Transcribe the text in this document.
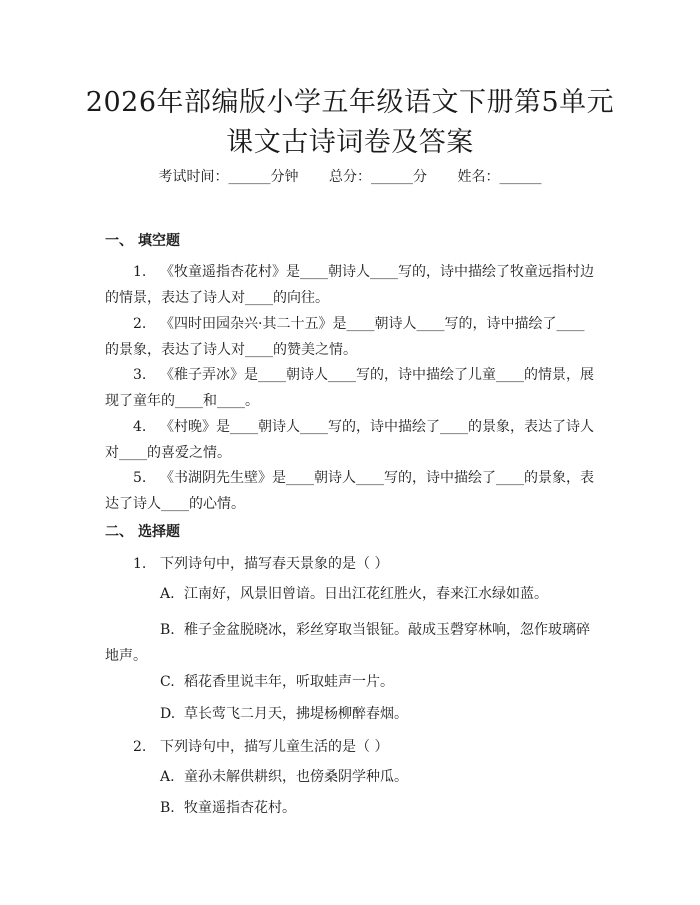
2026年部编版小学五年级语文下册第5单元
课文古诗词卷及答案
考试时间：______分钟 总分：______分 姓名：______
一、 填空题
1. 《牧童遥指杏花村》是____朝诗人____写的，诗中描绘了牧童远指村边的情景，表达了诗人对____的向往。
2. 《四时田园杂兴·其二十五》是____朝诗人____写的，诗中描绘了____的景象，表达了诗人对____的赞美之情。
3. 《稚子弄冰》是____朝诗人____写的，诗中描绘了儿童____的情景，展现了童年的____和____。
4. 《村晚》是____朝诗人____写的，诗中描绘了____的景象，表达了诗人对____的喜爱之情。
5. 《书湖阴先生壁》是____朝诗人____写的，诗中描绘了____的景象，表达了诗人____的心情。
二、 选择题
1. 下列诗句中，描写春天景象的是（ ）
A. 江南好，风景旧曾谙。日出江花红胜火，春来江水绿如蓝。
B. 稚子金盆脱晓冰，彩丝穿取当银钲。敲成玉磬穿林响，忽作玻璃碎地声。
C. 稻花香里说丰年，听取蛙声一片。
D. 草长莺飞二月天，拂堤杨柳醉春烟。
2. 下列诗句中，描写儿童生活的是（ ）
A. 童孙未解供耕织，也傍桑阴学种瓜。
B. 牧童遥指杏花村。
